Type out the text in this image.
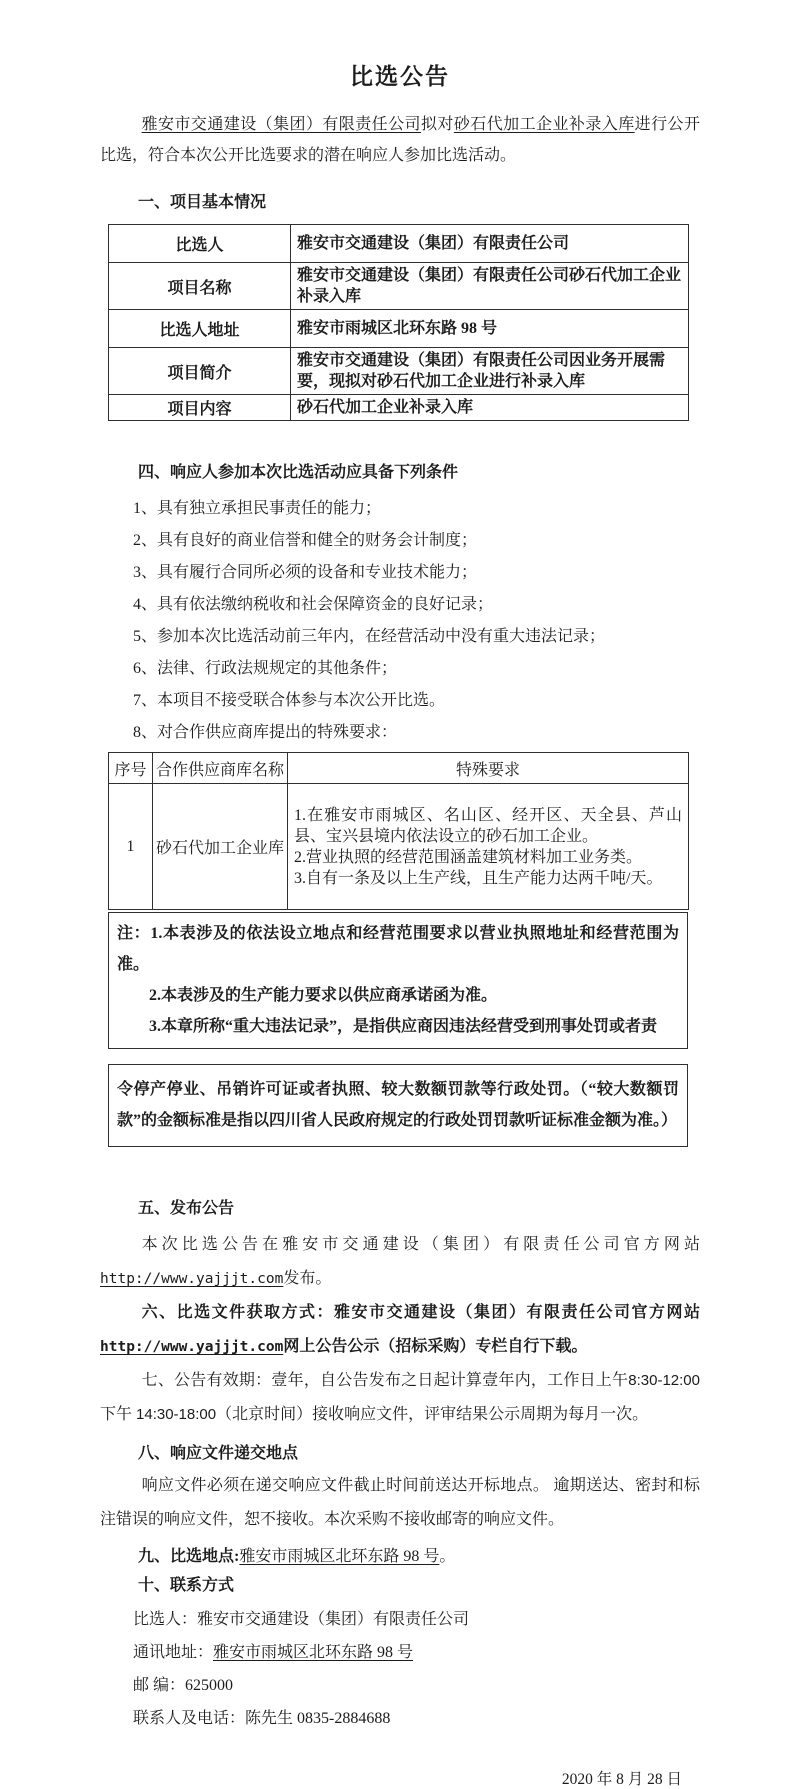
比选公告

雅安市交通建设（集团）有限责任公司拟对砂石代加工企业补录入库进行公开比选，符合本次公开比选要求的潜在响应人参加比选活动。

一、项目基本情况

比选人	雅安市交通建设（集团）有限责任公司
项目名称	雅安市交通建设（集团）有限责任公司砂石代加工企业补录入库
比选人地址	雅安市雨城区北环东路 98 号
项目简介	雅安市交通建设（集团）有限责任公司因业务开展需要，现拟对砂石代加工企业进行补录入库
项目内容	砂石代加工企业补录入库

四、响应人参加本次比选活动应具备下列条件

1、具有独立承担民事责任的能力；

2、具有良好的商业信誉和健全的财务会计制度；

3、具有履行合同所必须的设备和专业技术能力；

4、具有依法缴纳税收和社会保障资金的良好记录；

5、参加本次比选活动前三年内，在经营活动中没有重大违法记录；

6、法律、行政法规规定的其他条件；

7、本项目不接受联合体参与本次公开比选。

8、对合作供应商库提出的特殊要求：

序号	合作供应商库名称	特殊要求
1	砂石代加工企业库	1.在雅安市雨城区、名山区、经开区、天全县、芦山县、宝兴县境内依法设立的砂石加工企业。
2.营业执照的经营范围涵盖建筑材料加工业务类。
3.自有一条及以上生产线，且生产能力达两千吨/天。

注：1.本表涉及的依法设立地点和经营范围要求以营业执照地址和经营范围为准。

2.本表涉及的生产能力要求以供应商承诺函为准。

3.本章所称“重大违法记录”，是指供应商因违法经营受到刑事处罚或者责

令停产停业、吊销许可证或者执照、较大数额罚款等行政处罚。（“较大数额罚款”的金额标准是指以四川省人民政府规定的行政处罚罚款听证标准金额为准。）

五、发布公告

本次比选公告在雅安市交通建设（集团）有限责任公司官方网站http://www.yajjjt.com发布。

六、比选文件获取方式：雅安市交通建设（集团）有限责任公司官方网站http://www.yajjjt.com网上公告公示（招标采购）专栏自行下载。

七、公告有效期：壹年，自公告发布之日起计算壹年内，工作日上午8:30-12:00 下午 14:30-18:00（北京时间）接收响应文件，评审结果公示周期为每月一次。

八、响应文件递交地点

响应文件必须在递交响应文件截止时间前送达开标地点。 逾期送达、密封和标注错误的响应文件，恕不接收。本次采购不接收邮寄的响应文件。

九、比选地点:雅安市雨城区北环东路 98 号。

十、联系方式

比选人：雅安市交通建设（集团）有限责任公司

通讯地址：雅安市雨城区北环东路 98 号

邮 编：625000

联系人及电话：陈先生 0835-2884688

2020 年 8 月 28 日
